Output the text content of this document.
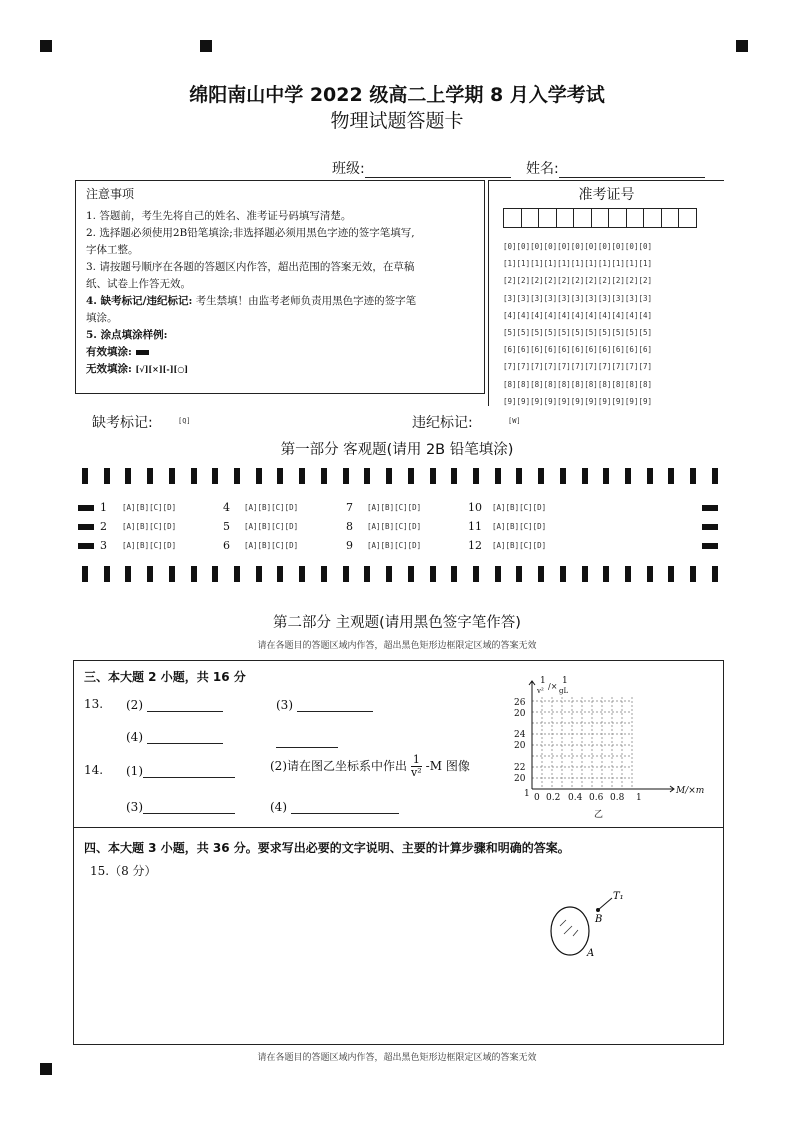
绵阳南山中学 2022 级高二上学期 8 月入学考试
物理试题答题卡
班级:	姓名:
注意事项
1. 答题前，考生先将自己的姓名、准考证号码填写清楚。
2. 选择题必须使用2B铅笔填涂;非选择题必须用黑色字迹的签字笔填写,
字体工整。
3. 请按题号顺序在各题的答题区内作答，超出范围的答案无效，在草稿
纸、试卷上作答无效。
4. 缺考标记/违纪标记: 考生禁填！由监考老师负责用黑色字迹的签字笔
填涂。
5. 涂点填涂样例:
有效填涂:
无效填涂: [√][×][-][○]
准考证号
[0][0][0][0][0][0][0][0][0][0][0]
[1][1][1][1][1][1][1][1][1][1][1]
[2][2][2][2][2][2][2][2][2][2][2]
[3][3][3][3][3][3][3][3][3][3][3]
[4][4][4][4][4][4][4][4][4][4][4]
[5][5][5][5][5][5][5][5][5][5][5]
[6][6][6][6][6][6][6][6][6][6][6]
[7][7][7][7][7][7][7][7][7][7][7]
[8][8][8][8][8][8][8][8][8][8][8]
[9][9][9][9][9][9][9][9][9][9][9]
缺考标记:	[Q]	违纪标记:	[W]
第一部分 客观题(请用 2B 铅笔填涂)
1 [A][B][C][D]	4 [A][B][C][D]	7 [A][B][C][D]	10 [A][B][C][D]
2 [A][B][C][D]	5 [A][B][C][D]	8 [A][B][C][D]	11 [A][B][C][D]
3 [A][B][C][D]	6 [A][B][C][D]	9 [A][B][C][D]	12 [A][B][C][D]
第二部分 主观题(请用黑色签字笔作答)
请在各题目的答题区域内作答，超出黑色矩形边框限定区域的答案无效
三、本大题 2 小题，共 16 分
13. (2)	(3)
(4)
14. (1)	(2)请在图乙坐标系中作出 $\frac{1}{\text{v²}} -M$ 图像
(3)	(4)
1
v² /×
1
gL
26
20
24
20
22
20
1 0 0.2 0.4 0.6 0.8 1
M/×m
乙
四、本大题 3 小题，共 36 分。要求写出必要的文字说明、主要的计算步骤和明确的答案。
15.（8 分）
T₁
B
A
请在各题目的答题区域内作答，超出黑色矩形边框限定区域的答案无效
